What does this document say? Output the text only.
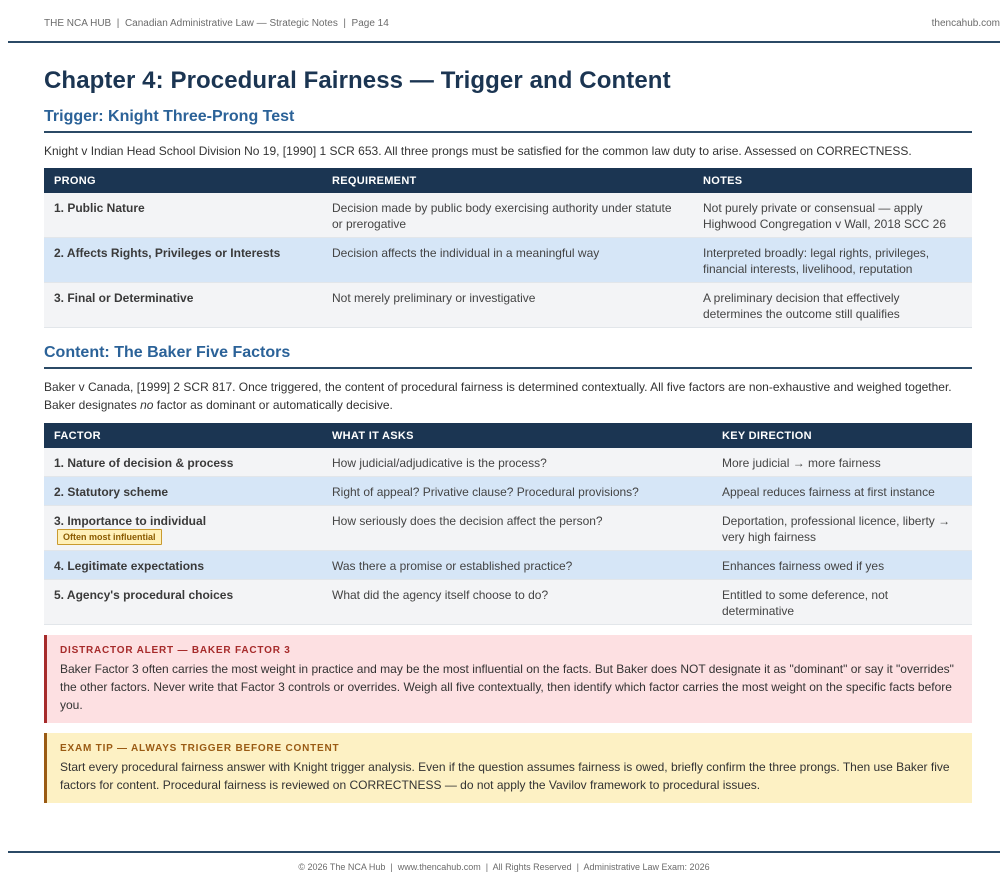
THE NCA HUB  |  Canadian Administrative Law — Strategic Notes  |  Page 14	thencahub.com
Chapter 4: Procedural Fairness — Trigger and Content
Trigger: Knight Three-Prong Test

Knight v Indian Head School Division No 19, [1990] 1 SCR 653. All three prongs must be satisfied for the common law duty to arise. Assessed on CORRECTNESS.

PRONG	REQUIREMENT	NOTES
1. Public Nature	Decision made by public body exercising authority under statute or prerogative	Not purely private or consensual — apply Highwood Congregation v Wall, 2018 SCC 26
2. Affects Rights, Privileges or Interests	Decision affects the individual in a meaningful way	Interpreted broadly: legal rights, privileges, financial interests, livelihood, reputation
3. Final or Determinative	Not merely preliminary or investigative	A preliminary decision that effectively determines the outcome still qualifies
Content: The Baker Five Factors

Baker v Canada, [1999] 2 SCR 817. Once triggered, the content of procedural fairness is determined contextually. All five factors are non-exhaustive and weighed together. Baker designates no factor as dominant or automatically decisive.

FACTOR	WHAT IT ASKS	KEY DIRECTION
1. Nature of decision & process	How judicial/adjudicative is the process?	More judicial → more fairness
2. Statutory scheme	Right of appeal? Privative clause? Procedural provisions?	Appeal reduces fairness at first instance
3. Importance to individualOften most influential	How seriously does the decision affect the person?	Deportation, professional licence, liberty → very high fairness
4. Legitimate expectations	Was there a promise or established practice?	Enhances fairness owed if yes
5. Agency's procedural choices	What did the agency itself choose to do?	Entitled to some deference, not determinative
DISTRACTOR ALERT — BAKER FACTOR 3
Baker Factor 3 often carries the most weight in practice and may be the most influential on the facts. But Baker does NOT designate it as "dominant" or say it "overrides" the other factors. Never write that Factor 3 controls or overrides. Weigh all five contextually, then identify which factor carries the most weight on the specific facts before you.
EXAM TIP — ALWAYS TRIGGER BEFORE CONTENT
Start every procedural fairness answer with Knight trigger analysis. Even if the question assumes fairness is owed, briefly confirm the three prongs. Then use Baker five factors for content. Procedural fairness is reviewed on CORRECTNESS — do not apply the Vavilov framework to procedural issues.
© 2026 The NCA Hub  |  www.thencahub.com  |  All Rights Reserved  |  Administrative Law Exam: 2026
